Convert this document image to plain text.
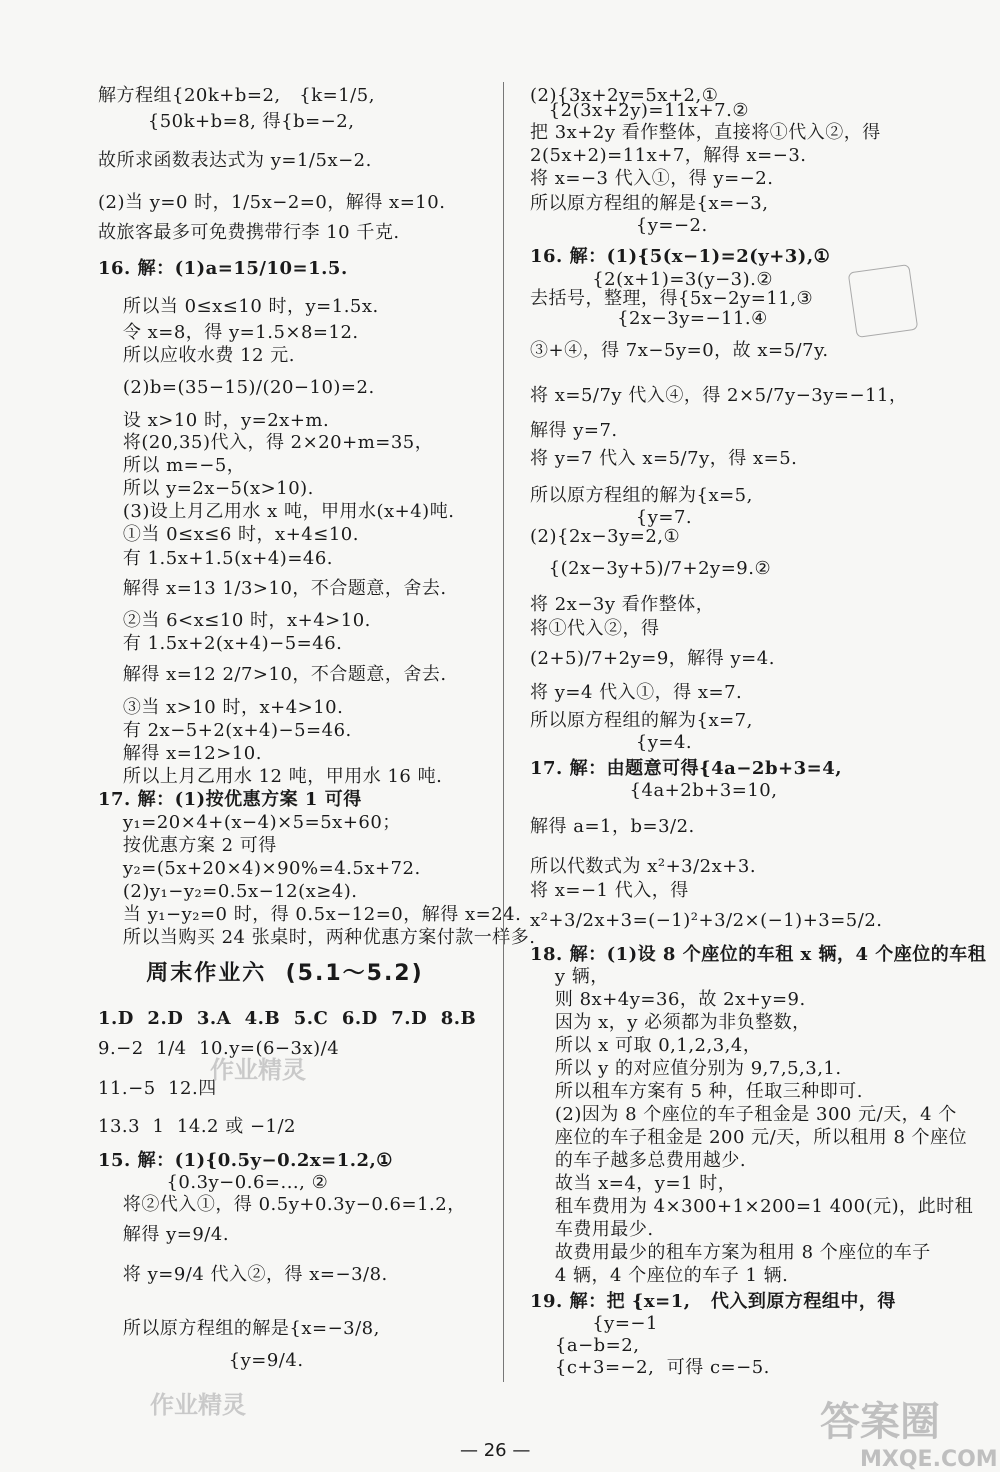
解方程组{20k+b=2,   {k=1/5,
{50k+b=8, 得{b=−2,
故所求函数表达式为 y=1/5x−2.
(2)当 y=0 时，1/5x−2=0，解得 x=10.
故旅客最多可免费携带行李 10 千克.
16. 解：(1)a=15/10=1.5.
所以当 0≤x≤10 时，y=1.5x.
令 x=8，得 y=1.5×8=12.
所以应收水费 12 元.
(2)b=(35−15)/(20−10)=2.
设 x>10 时，y=2x+m.
将(20,35)代入，得 2×20+m=35，
所以 m=−5，
所以 y=2x−5(x>10).
(3)设上月乙用水 x 吨，甲用水(x+4)吨.
①当 0≤x≤6 时，x+4≤10.
有 1.5x+1.5(x+4)=46.
解得 x=13 1/3>10，不合题意，舍去.
②当 6<x≤10 时，x+4>10.
有 1.5x+2(x+4)−5=46.
解得 x=12 2/7>10，不合题意，舍去.
③当 x>10 时，x+4>10.
有 2x−5+2(x+4)−5=46.
解得 x=12>10.
所以上月乙用水 12 吨，甲用水 16 吨.
17. 解：(1)按优惠方案 1 可得
y₁=20×4+(x−4)×5=5x+60；
按优惠方案 2 可得
y₂=(5x+20×4)×90%=4.5x+72.
(2)y₁−y₂=0.5x−12(x≥4).
当 y₁−y₂=0 时，得 0.5x−12=0，解得 x=24.
所以当购买 24 张桌时，两种优惠方案付款一样多.
周末作业六  (5.1～5.2)
1.D  2.D  3.A  4.B  5.C  6.D  7.D  8.B
9.−2  1/4  10.y=(6−3x)/4
11.−5  12.四
13.3  1  14.2 或 −1/2
15. 解：(1){0.5y−0.2x=1.2,①
{0.3y−0.6=..., ②
将②代入①，得 0.5y+0.3y−0.6=1.2，
解得 y=9/4.
将 y=9/4 代入②，得 x=−3/8.
所以原方程组的解是{x=−3/8,
{y=9/4.
(2){3x+2y=5x+2,①
{2(3x+2y)=11x+7.②
把 3x+2y 看作整体，直接将①代入②，得
2(5x+2)=11x+7，解得 x=−3.
将 x=−3 代入①，得 y=−2.
所以原方程组的解是{x=−3,
{y=−2.
16. 解：(1){5(x−1)=2(y+3),①
{2(x+1)=3(y−3).②
去括号，整理，得{5x−2y=11,③
{2x−3y=−11.④
③+④，得 7x−5y=0，故 x=5/7y.
将 x=5/7y 代入④，得 2×5/7y−3y=−11，
解得 y=7.
将 y=7 代入 x=5/7y，得 x=5.
所以原方程组的解为{x=5,
{y=7.
(2){2x−3y=2,①
{(2x−3y+5)/7+2y=9.②
将 2x−3y 看作整体，
将①代入②，得
(2+5)/7+2y=9，解得 y=4.
将 y=4 代入①，得 x=7.
所以原方程组的解为{x=7,
{y=4.
17. 解：由题意可得{4a−2b+3=4,
{4a+2b+3=10,
解得 a=1，b=3/2.
所以代数式为 x²+3/2x+3.
将 x=−1 代入，得
x²+3/2x+3=(−1)²+3/2×(−1)+3=5/2.
18. 解：(1)设 8 个座位的车租 x 辆，4 个座位的车租
y 辆，
则 8x+4y=36，故 2x+y=9.
因为 x，y 必须都为非负整数，
所以 x 可取 0,1,2,3,4，
所以 y 的对应值分别为 9,7,5,3,1.
所以租车方案有 5 种，任取三种即可.
(2)因为 8 个座位的车子租金是 300 元/天，4 个
座位的车子租金是 200 元/天，所以租用 8 个座位
的车子越多总费用越少.
故当 x=4，y=1 时，
租车费用为 4×300+1×200=1 400(元)，此时租
车费用最少.
故费用最少的租车方案为租用 8 个座位的车子
4 辆，4 个座位的车子 1 辆.
19. 解：把 {x=1,   代入到原方程组中，得
{y=−1
{a−b=2,
{c+3=−2,  可得 c=−5.
作业精灵
作业精灵
— 26 —
答案圈
MXQE.COM
